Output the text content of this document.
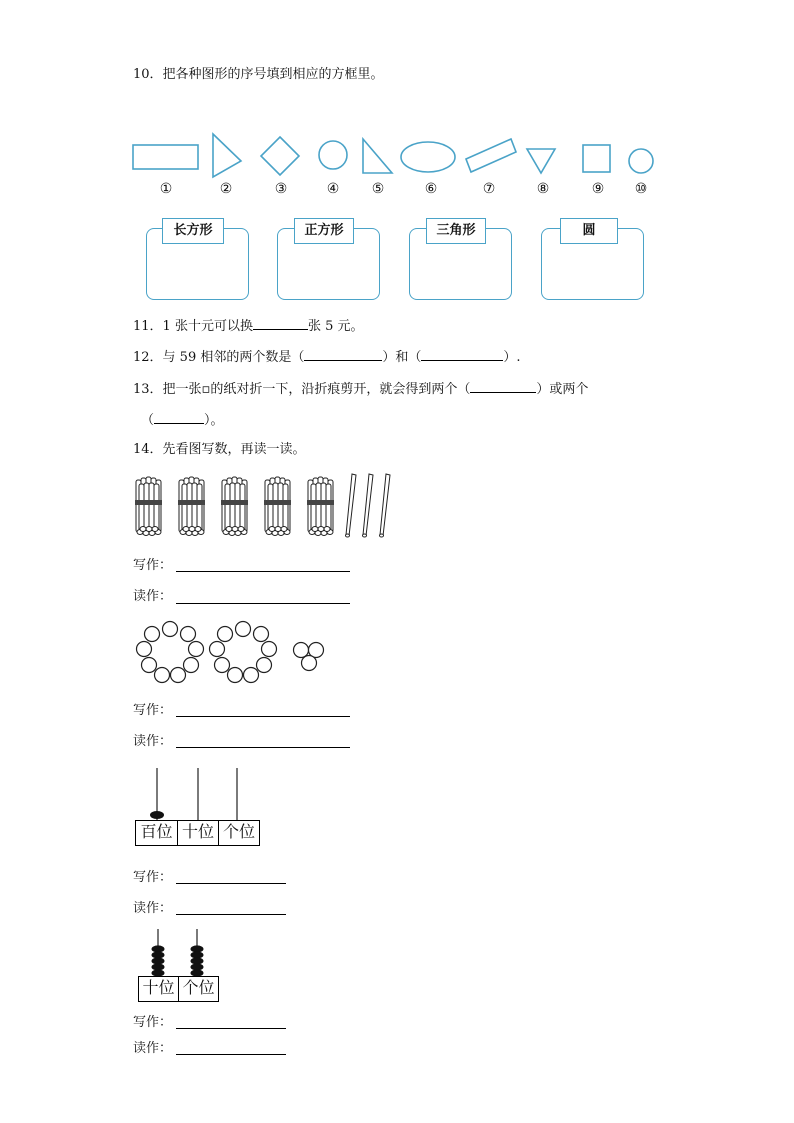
10．把各种图形的序号填到相应的方框里。
①	②	③	④	⑤	⑥	⑦	⑧	⑨	⑩
长方形	正方形	三角形	圆
11．1 张十元可以换	张 5 元。
12．与 59 相邻的两个数是（	）和（	）.
13．把一张▫的纸对折一下，沿折痕剪开，就会得到两个（	）或两个
（	）。
14．先看图写数，再读一读。
写作：
读作：
写作：
读作：
百位 十位 个位
写作：
读作：
十位 个位
写作：
读作：
